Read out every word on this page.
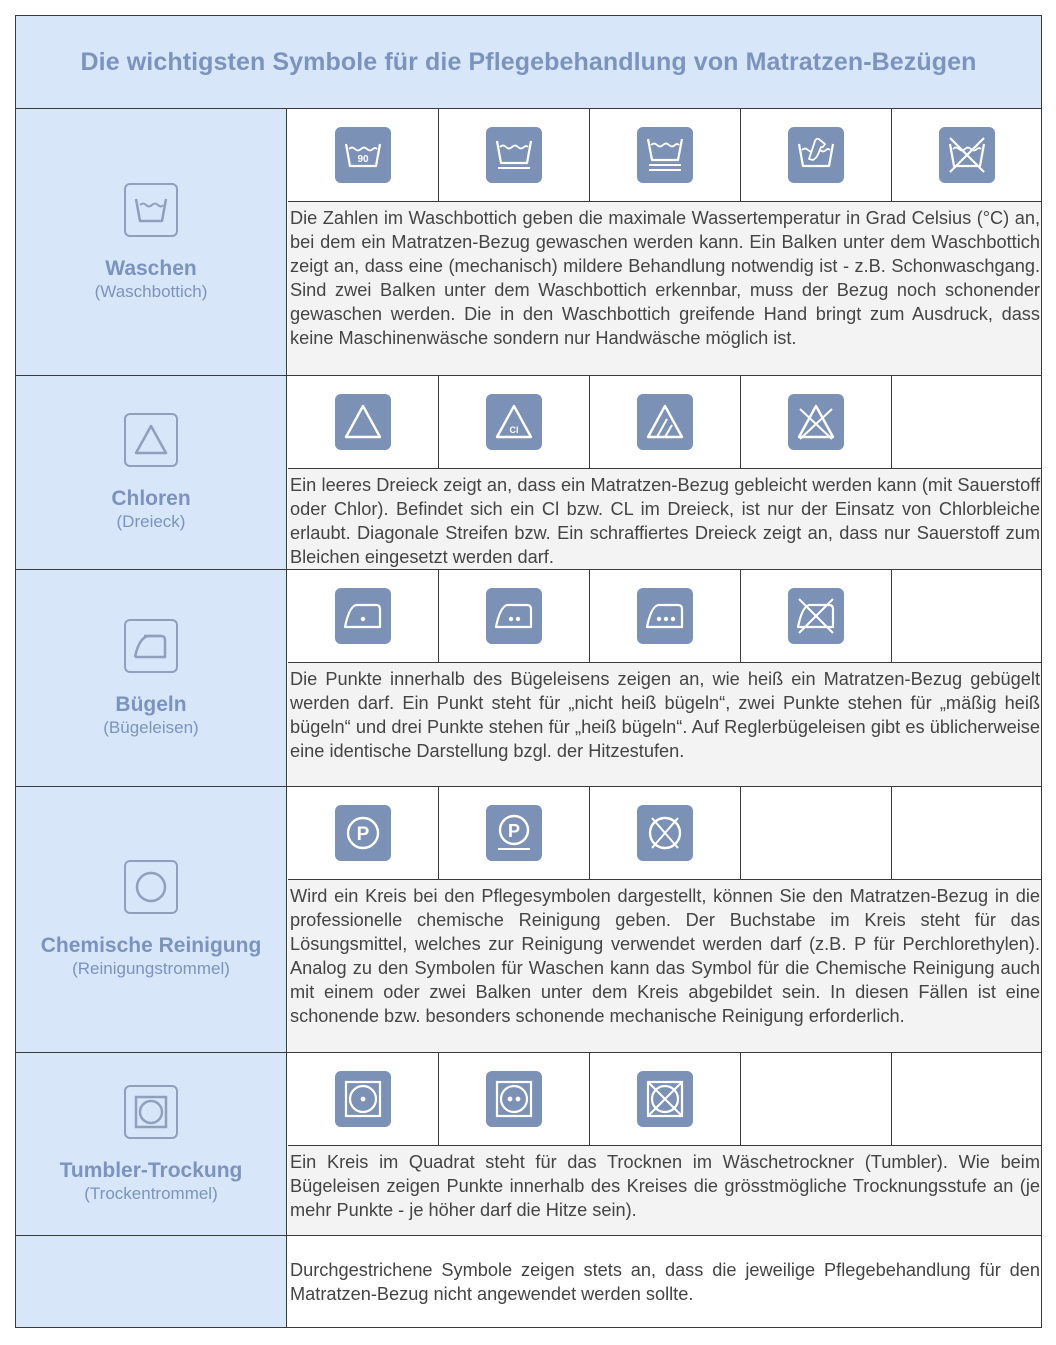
Die wichtigsten Symbole für die Pflegebehandlung von Matratzen-Bezügen
Waschen
(Waschbottich)
90
Die Zahlen im Waschbottich geben die maximale Wassertemperatur in Grad Celsius (°C) an, bei dem ein Matratzen-Bezug gewaschen werden kann. Ein Balken unter dem Waschbottich zeigt an, dass eine (mechanisch) mildere Behandlung notwendig ist - z.B. Schonwaschgang. Sind zwei Balken unter dem Waschbottich erkennbar, muss der Bezug noch schonender gewaschen werden. Die in den Waschbottich greifende Hand bringt zum Ausdruck, dass keine Maschinenwäsche sondern nur Handwäsche möglich ist.
Chloren
(Dreieck)
Cl
Ein leeres Dreieck zeigt an, dass ein Matratzen-Bezug gebleicht werden kann (mit Sauerstoff oder Chlor). Befindet sich ein Cl bzw. CL im Dreieck, ist nur der Einsatz von Chlorbleiche erlaubt. Diagonale Streifen bzw. Ein schraffiertes Dreieck zeigt an, dass nur Sauerstoff zum Bleichen eingesetzt werden darf.
Bügeln
(Bügeleisen)
Die Punkte innerhalb des Bügeleisens zeigen an, wie heiß ein Matratzen-Bezug gebügelt werden darf. Ein Punkt steht für „nicht heiß bügeln“, zwei Punkte stehen für „mäßig heiß bügeln“ und drei Punkte stehen für „heiß bügeln“. Auf Reglerbügeleisen gibt es üblicherweise eine identische Darstellung bzgl. der Hitzestufen.
Chemische Reinigung
(Reinigungstrommel)
P	P
Wird ein Kreis bei den Pflegesymbolen dargestellt, können Sie den Matratzen-Bezug in die professionelle chemische Reinigung geben. Der Buchstabe im Kreis steht für das Lösungsmittel, welches zur Reinigung verwendet werden darf (z.B. P für Perchlorethylen). Analog zu den Symbolen für Waschen kann das Symbol für die Chemische Reinigung auch mit einem oder zwei Balken unter dem Kreis abgebildet sein. In diesen Fällen ist eine schonende bzw. besonders schonende mechanische Reinigung erforderlich.
Tumbler-Trockung
(Trockentrommel)
Ein Kreis im Quadrat steht für das Trocknen im Wäschetrockner (Tumbler). Wie beim Bügeleisen zeigen Punkte innerhalb des Kreises die grösstmögliche Trocknungsstufe an (je mehr Punkte - je höher darf die Hitze sein).
Durchgestrichene Symbole zeigen stets an, dass die jeweilige Pflegebehandlung für den Matratzen-Bezug nicht angewendet werden sollte.
